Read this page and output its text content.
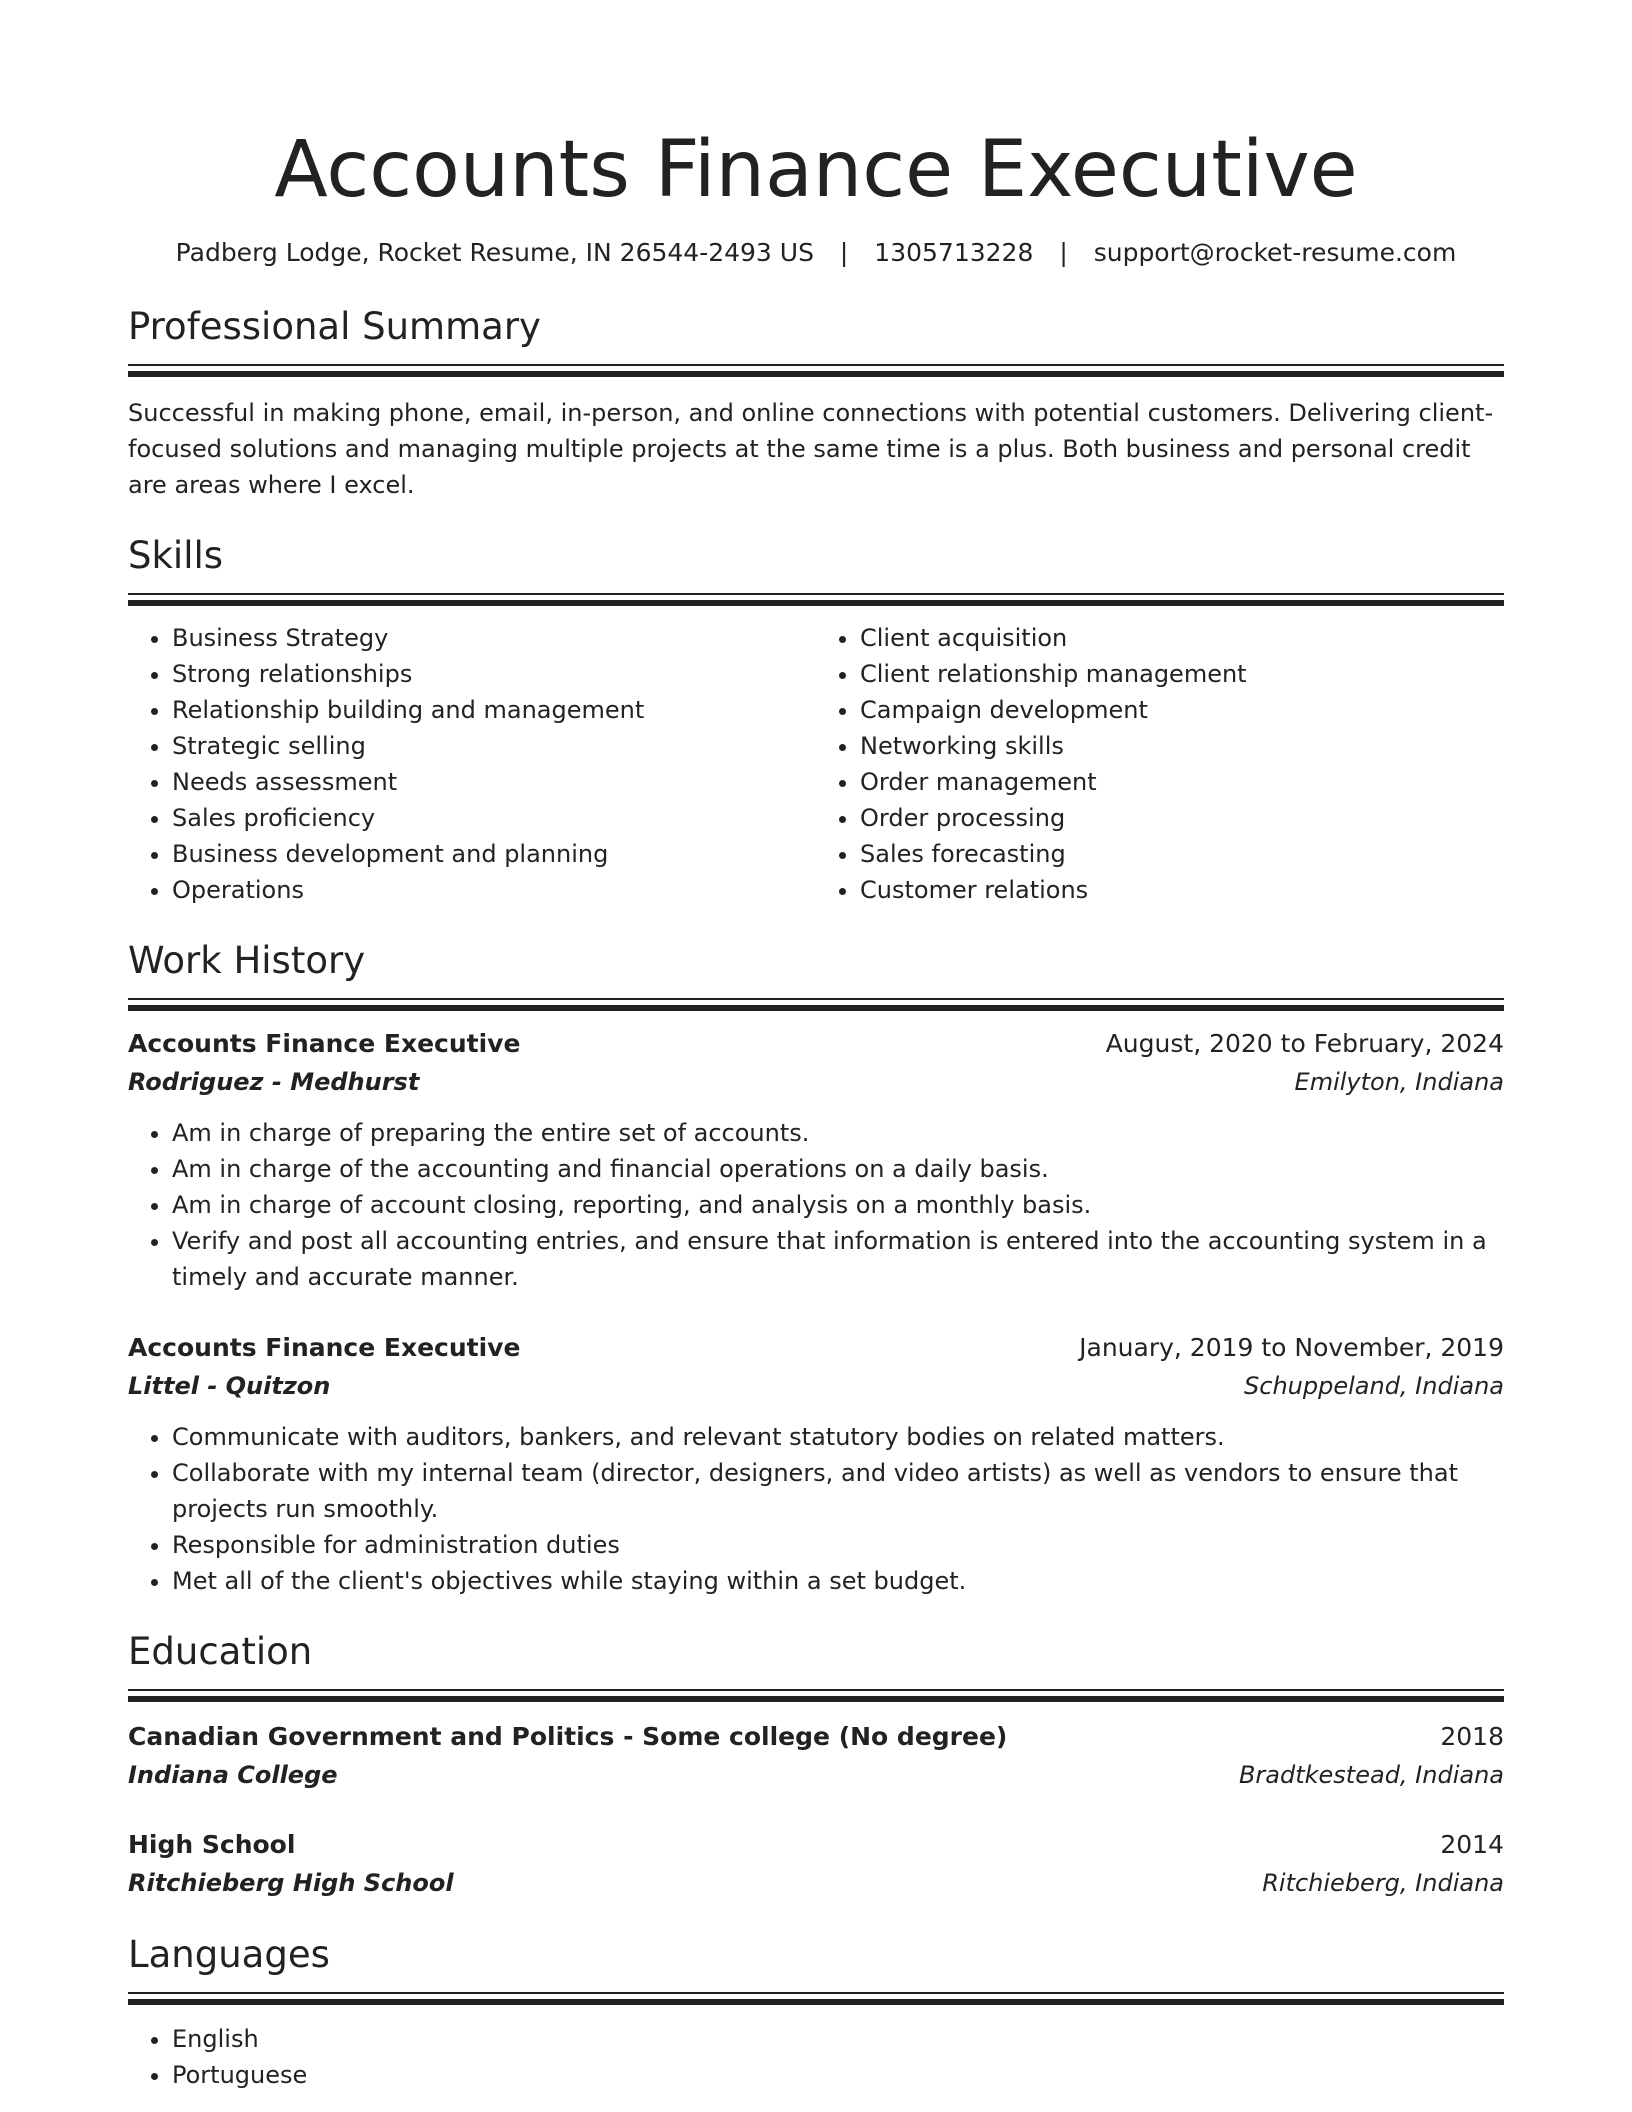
Accounts Finance Executive
Padberg Lodge, Rocket Resume, IN 26544-2493 US | 1305713228 | support@rocket-resume.com
Professional Summary
Successful in making phone, email, in-person, and online connections with potential customers. Delivering client-focused solutions and managing multiple projects at the same time is a plus. Both business and personal credit are areas where I excel.
Skills
• Business Strategy
• Strong relationships
• Relationship building and management
• Strategic selling
• Needs assessment
• Sales proficiency
• Business development and planning
• Operations
• Client acquisition
• Client relationship management
• Campaign development
• Networking skills
• Order management
• Order processing
• Sales forecasting
• Customer relations
Work History
Accounts Finance Executive	August, 2020 to February, 2024
Rodriguez - Medhurst	Emilyton, Indiana
• Am in charge of preparing the entire set of accounts.
• Am in charge of the accounting and financial operations on a daily basis.
• Am in charge of account closing, reporting, and analysis on a monthly basis.
• Verify and post all accounting entries, and ensure that information is entered into the accounting system in a timely and accurate manner.
Accounts Finance Executive	January, 2019 to November, 2019
Littel - Quitzon	Schuppeland, Indiana
• Communicate with auditors, bankers, and relevant statutory bodies on related matters.
• Collaborate with my internal team (director, designers, and video artists) as well as vendors to ensure that projects run smoothly.
• Responsible for administration duties
• Met all of the client's objectives while staying within a set budget.
Education
Canadian Government and Politics - Some college (No degree)	2018
Indiana College	Bradtkestead, Indiana
High School	2014
Ritchieberg High School	Ritchieberg, Indiana
Languages
• English
• Portuguese
